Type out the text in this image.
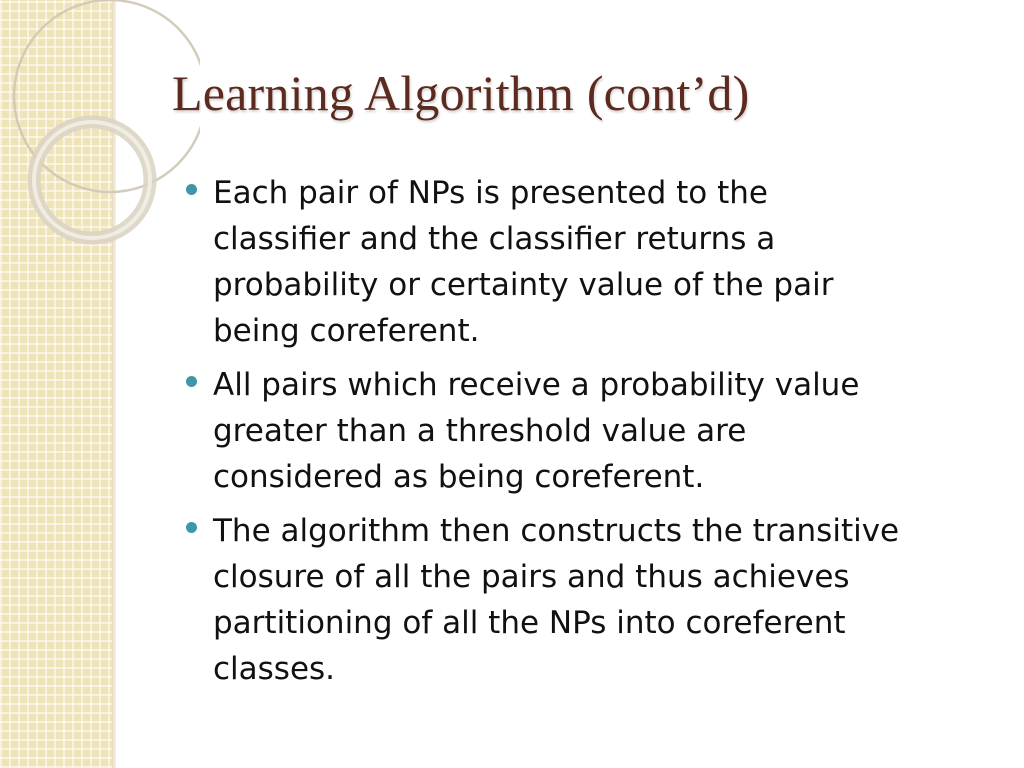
Learning Algorithm (cont’d)
Each pair of NPs is presented to the
classifier and the classifier returns a
probability or certainty value of the pair
being coreferent.
All pairs which receive a probability value
greater than a threshold value are
considered as being coreferent.
The algorithm then constructs the transitive
closure of all the pairs and thus achieves
partitioning of all the NPs into coreferent
classes.
